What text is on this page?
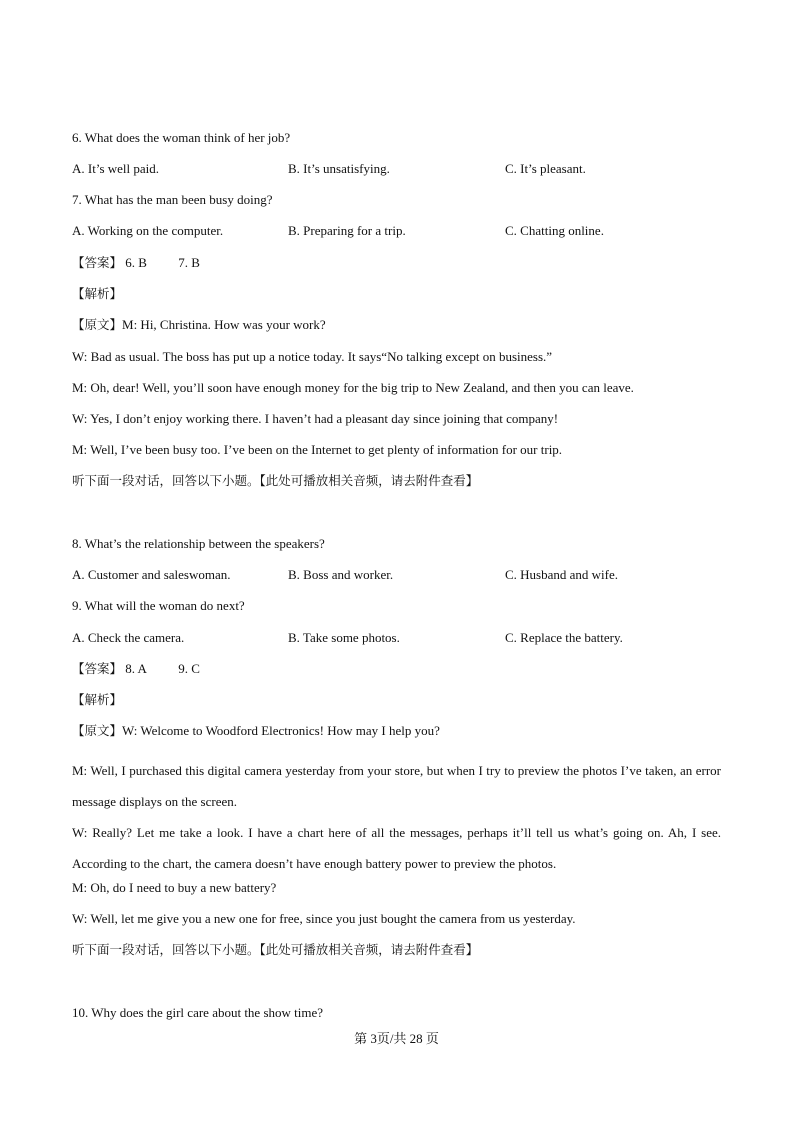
6. What does the woman think of her job?
A. It’s well paid.	B. It’s unsatisfying.	C. It’s pleasant.
7. What has the man been busy doing?
A. Working on the computer.	B. Preparing for a trip.	C. Chatting online.
【答案】 6. B 7. B
【解析】
【原文】M: Hi, Christina. How was your work?
W: Bad as usual. The boss has put up a notice today. It says“No talking except on business.”
M: Oh, dear! Well, you’ll soon have enough money for the big trip to New Zealand, and then you can leave.
W: Yes, I don’t enjoy working there. I haven’t had a pleasant day since joining that company!
M: Well, I’ve been busy too. I’ve been on the Internet to get plenty of information for our trip.
听下面一段对话，回答以下小题。【此处可播放相关音频，请去附件查看】
8. What’s the relationship between the speakers?
A. Customer and saleswoman.	B. Boss and worker.	C. Husband and wife.
9. What will the woman do next?
A. Check the camera.	B. Take some photos.	C. Replace the battery.
【答案】 8. A 9. C
【解析】
【原文】W: Welcome to Woodford Electronics! How may I help you?
M: Well, I purchased this digital camera yesterday from your store, but when I try to preview the photos I’ve taken, an error message displays on the screen.
W: Really? Let me take a look. I have a chart here of all the messages, perhaps it’ll tell us what’s going on. Ah, I see. According to the chart, the camera doesn’t have enough battery power to preview the photos.
M: Oh, do I need to buy a new battery?
W: Well, let me give you a new one for free, since you just bought the camera from us yesterday.
听下面一段对话，回答以下小题。【此处可播放相关音频，请去附件查看】
10. Why does the girl care about the show time?
第 3页/共 28 页
